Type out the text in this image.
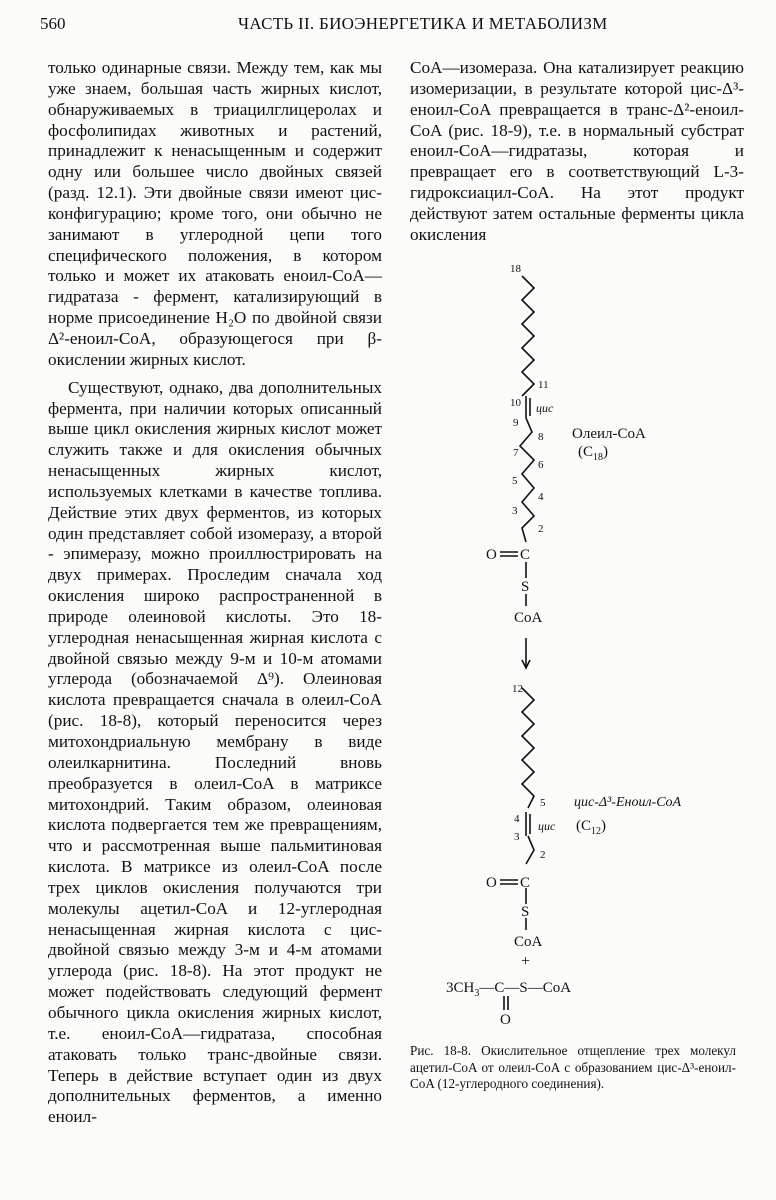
560	ЧАСТЬ II. БИОЭНЕРГЕТИКА И МЕТАБОЛИЗМ

только одинарные связи. Между тем, как мы уже знаем, большая часть жирных кислот, обнаруживаемых в триацилглицеролах и фосфолипидах животных и растений, принадлежит к ненасыщенным и содержит одну или большее число двойных связей (разд. 12.1). Эти двойные связи имеют цис-конфигурацию; кроме того, они обычно не занимают в углеродной цепи того специфического положения, в котором только и может их атаковать еноил-CoA—гидратаза - фермент, катализирующий в норме присоединение H₂O по двойной связи Δ²-еноил-CoA, образующегося при β-окислении жирных кислот.

Существуют, однако, два дополнительных фермента, при наличии которых описанный выше цикл окисления жирных кислот может служить также и для окисления обычных ненасыщенных жирных кислот, используемых клетками в качестве топлива. Действие этих двух ферментов, из которых один представляет собой изомеразу, а второй - эпимеразу, можно проиллюстрировать на двух примерах. Проследим сначала ход окисления широко распространенной в природе олеиновой кислоты. Это 18-углеродная ненасыщенная жирная кислота с двойной связью между 9-м и 10-м атомами углерода (обозначаемой Δ⁹). Олеиновая кислота превращается сначала в олеил-CoA (рис. 18-8), который переносится через митохондриальную мембрану в виде олеилкарнитина. Последний вновь преобразуется в олеил-CoA в матриксе митохондрий. Таким образом, олеиновая кислота подвергается тем же превращениям, что и рассмотренная выше пальмитиновая кислота. В матриксе из олеил-CoA после трех циклов окисления получаются три молекулы ацетил-CoA и 12-углеродная ненасыщенная жирная кислота с цис-двойной связью между 3-м и 4-м атомами углерода (рис. 18-8). На этот продукт не может подействовать следующий фермент обычного цикла окисления жирных кислот, т.е. еноил-CoA—гидратаза, способная атаковать только транс-двойные связи. Теперь в действие вступает один из двух дополнительных ферментов, а именно еноил-

CoA—изомераза. Она катализирует реакцию изомеризации, в результате которой цис-Δ³-еноил-CoA превращается в транс-Δ²-еноил-CoA (рис. 18-9), т.е. в нормальный субстрат еноил-CoA—гидратазы, которая и превращает его в соответствующий L-3-гидроксиацил-CoA. На этот продукт действуют затем остальные ферменты цикла окисления

18
11
10 цис
9
8
7
6
5
4
3
2
Олеил-CoA
$(C_{18})$
O C
S
CoA
12
5
4 цис
3
2
цис-Δ³-Еноил-CoA
$(C_{12})$
O C
S
CoA
+
$3CH_3—C—S—CoA$
O
Рис. 18-8. Окислительное отщепление трех молекул ацетил-CoA от олеил-CoA с образованием цис-Δ³-еноил-CoA (12-углеродного соединения).
